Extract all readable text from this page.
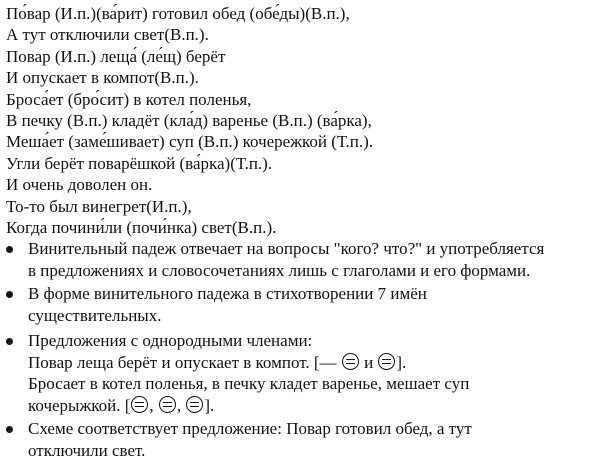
По́вар (И.п.)(ва́рит) готовил обед (обе́ды)(В.п.),
А тут отключили свет(В.п.).
Повар (И.п.) леща́ (ле́щ) берёт
И опускает в компот(В.п.).
Броса́ет (бро́сит) в котел поленья,
В печку (В.п.) кладёт (кла́д) варенье (В.п.) (ва́рка),
Меша́ет (заме́шивает) суп (В.п.) кочережкой (Т.п.).
Угли берёт поварёшкой (ва́рка)(Т.п.).
И очень доволен он.
То-то был винегрет(И.п.),
Когда почини́ли (почи́нка) свет(В.п.).
Винительный падеж отвечает на вопросы "кого? что?" и употребляется
в предложениях и словосочетаниях лишь с глаголами и его формами.
В форме винительного падежа в стихотворении 7 имён
существительных.
Предложения с однородными членами:
Повар леща берёт и опускает в компот. [— и ].
Бросает в котел поленья, в печку кладет варенье, мешает суп
кочерыжкой. [ , , ].
Схеме соответствует предложение: Повар готовил обед, а тут
отключили свет.
